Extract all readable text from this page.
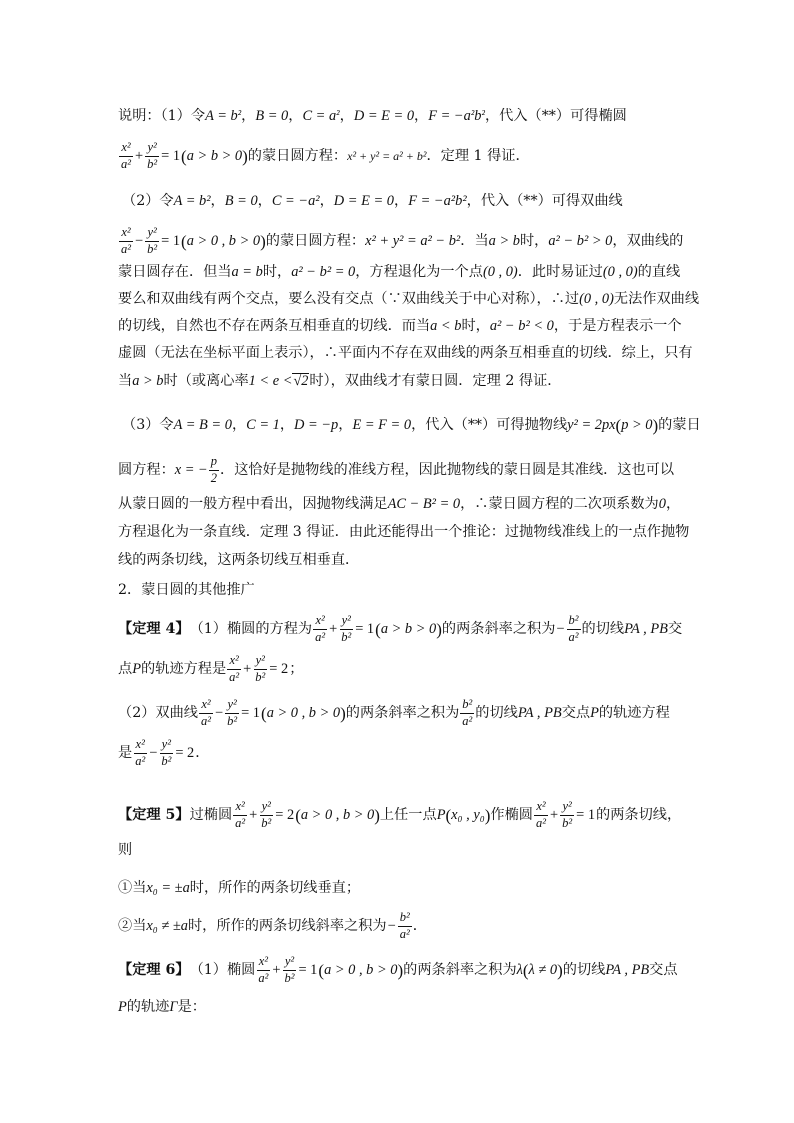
说明：（1）令 A = b ² ， B = 0 ， C = a ² ， D = E = 0 ， F = −a ² b ² ，代入（**）可得椭圆
$\frac{\text{x²}}{\text{a²}} + \frac{\text{y²}}{\text{b²}} = 1$ ( a > b > 0 ) 的蒙日圆方程： x² + y² = a² + b² ．定理 1 得证．
（2）令 A = b² ， B = 0 ， C = −a² ， D = E = 0 ， F = −a²b² ，代入（**）可得双曲线
$\frac{\text{x²}}{\text{a²}} - \frac{\text{y²}}{\text{b²}} = 1$ ( a > 0 , b > 0 ) 的蒙日圆方程： x² + y² = a² − b² ．当 a > b 时， a² − b² > 0 ，双曲线的
蒙日圆存在．但当 a = b 时， a² − b² = 0 ，方程退化为一个点 (0 , 0) ．此时易证过 (0 , 0) 的直线
要么和双曲线有两个交点，要么没有交点（∵双曲线关于中心对称），∴过 (0 , 0) 无法作双曲线
的切线，自然也不存在两条互相垂直的切线．而当 a < b 时， a² − b² < 0 ，于是方程表示一个
虚圆（无法在坐标平面上表示），∴平面内不存在双曲线的两条互相垂直的切线．综上，只有
当 a > b 时（或离心率 1 < e < √2 时），双曲线才有蒙日圆．定理 2 得证．
（3）令 A = B = 0 ， C = 1 ， D = −p ， E = F = 0 ，代入（**）可得抛物线 y² = 2px ( p > 0 ) 的蒙日
圆方程： x = − $\frac{p}{2}$ ．这恰好是抛物线的准线方程，因此抛物线的蒙日圆是其准线．这也可以
从蒙日圆的一般方程中看出，因抛物线满足 AC − B² = 0 ，∴蒙日圆方程的二次项系数为 0 ，
方程退化为一条直线．定理 3 得证．由此还能得出一个推论：过抛物线准线上的一点作抛物
线的两条切线，这两条切线互相垂直．
2．蒙日圆的其他推广
【定理 4】 （1）椭圆的方程为 $\frac{\text{x²}}{\text{a²}} + \frac{\text{y²}}{\text{b²}} = 1$ ( a > b > 0 ) 的两条斜率之积为 − $\frac{\text{b²}}{\text{a²}}$ 的切线 PA , PB 交
点 P 的轨迹方程是 $\frac{\text{x²}}{\text{a²}} + \frac{\text{y²}}{\text{b²}} = 2$ ；
（2）双曲线 $\frac{\text{x²}}{\text{a²}} - \frac{\text{y²}}{\text{b²}} = 1$ ( a > 0 , b > 0 ) 的两条斜率之积为 $\frac{\text{b²}}{\text{a²}}$ 的切线 PA , PB 交点 P 的轨迹方程
是 $\frac{\text{x²}}{\text{a²}} - \frac{\text{y²}}{\text{b²}} = 2$ ．
【定理 5】 过椭圆 $\frac{\text{x²}}{\text{a²}} + \frac{\text{y²}}{\text{b²}} = 2$ ( a > 0 , b > 0 ) 上任一点 P ( x₀ , y₀ ) 作椭圆 $\frac{\text{x²}}{\text{a²}} + \frac{\text{y²}}{\text{b²}} = 1$ 的两条切线，
则
①当 x₀ = ±a 时，所作的两条切线垂直；
②当 x₀ ≠ ±a 时，所作的两条切线斜率之积为 − $\frac{\text{b²}}{\text{a²}}$ ．
【定理 6】 （1）椭圆 $\frac{\text{x²}}{\text{a²}} + \frac{\text{y²}}{\text{b²}} = 1$ ( a > 0 , b > 0 ) 的两条斜率之积为 λ ( λ ≠ 0 ) 的切线 PA , PB 交点
P 的轨迹 Γ 是：
